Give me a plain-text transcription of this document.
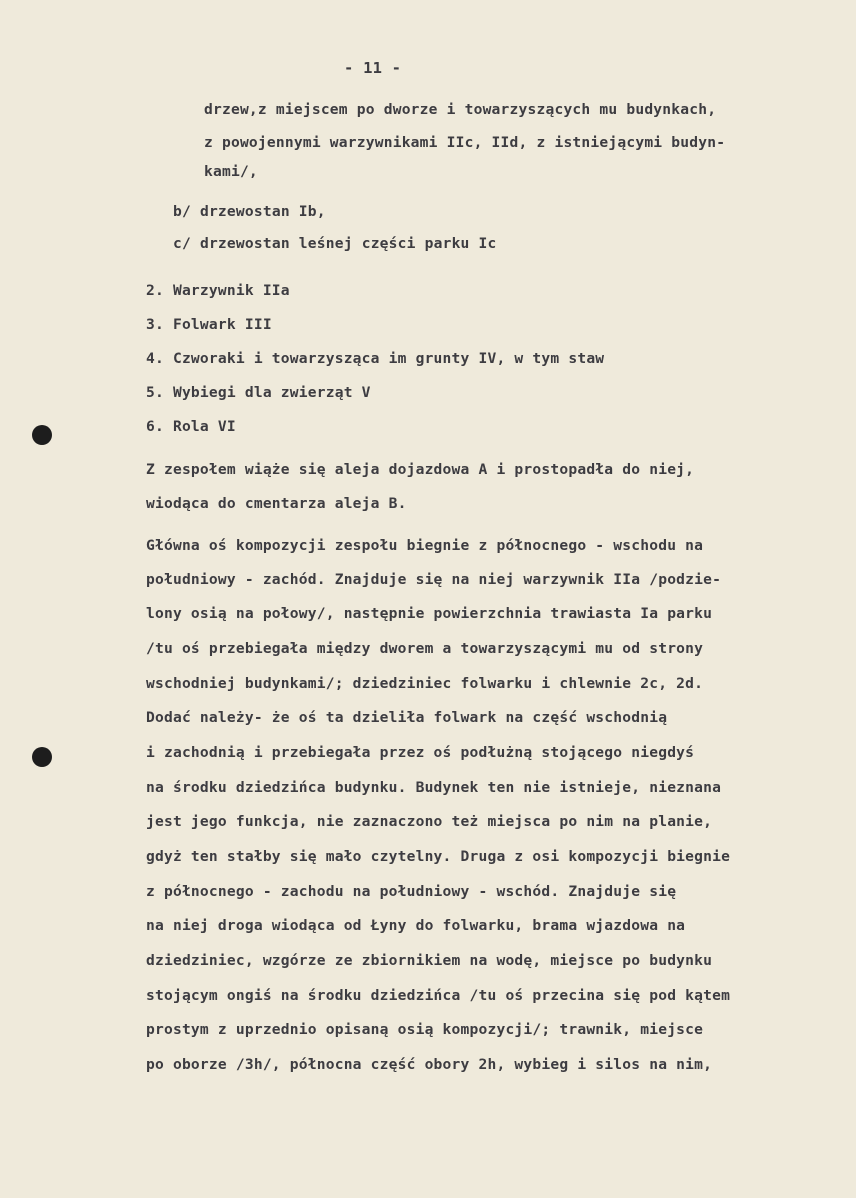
- 11 -
drzew,z miejscem po dworze i towarzyszących mu budynkach,
z powojennymi warzywnikami IIc, IId, z istniejącymi budyn-
kami/,
b/ drzewostan Ib,
c/ drzewostan leśnej części parku Ic
2. Warzywnik IIa
3. Folwark III
4. Czworaki i towarzysząca im grunty IV, w tym staw
5. Wybiegi dla zwierząt V
6. Rola VI
Z zespołem wiąże się aleja dojazdowa A i prostopadła do niej,
wiodąca do cmentarza aleja B.
Główna oś kompozycji zespołu biegnie z północnego - wschodu na
południowy - zachód. Znajduje się na niej warzywnik IIa /podzie-
lony osią na połowy/, następnie powierzchnia trawiasta Ia parku
/tu oś przebiegała między dworem a towarzyszącymi mu od strony
wschodniej budynkami/; dziedziniec folwarku i chlewnie 2c, 2d.
Dodać należy- że oś ta dzieliła folwark na część wschodnią
i zachodnią i przebiegała przez oś podłużną stojącego niegdyś
na środku dziedzińca budynku. Budynek ten nie istnieje, nieznana
jest jego funkcja, nie zaznaczono też miejsca po nim na planie,
gdyż ten stałby się mało czytelny. Druga z osi kompozycji biegnie
z północnego - zachodu na południowy - wschód. Znajduje się
na niej droga wiodąca od Łyny do folwarku, brama wjazdowa na
dziedziniec, wzgórze ze zbiornikiem na wodę, miejsce po budynku
stojącym ongiś na środku dziedzińca /tu oś przecina się pod kątem
prostym z uprzednio opisaną osią kompozycji/; trawnik, miejsce
po oborze /3h/, północna część obory 2h, wybieg i silos na nim,
